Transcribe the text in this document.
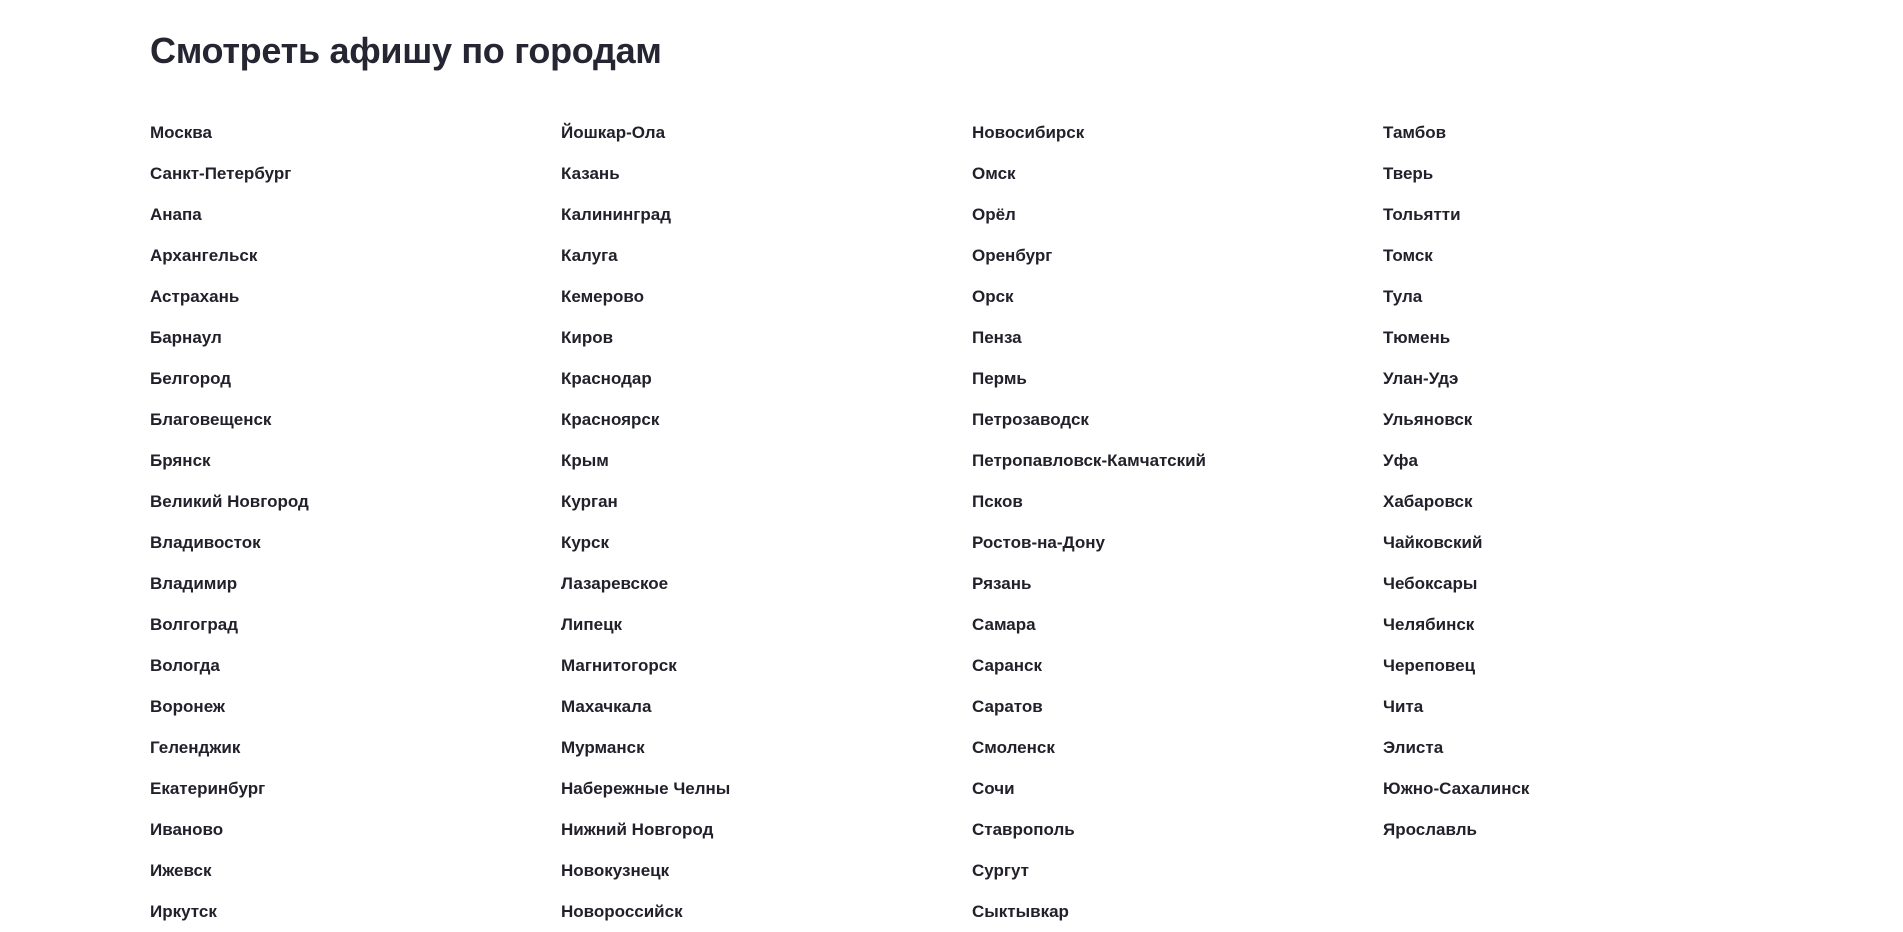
Смотреть афишу по городам
Москва
Санкт-Петербург
Анапа
Архангельск
Астрахань
Барнаул
Белгород
Благовещенск
Брянск
Великий Новгород
Владивосток
Владимир
Волгоград
Вологда
Воронеж
Геленджик
Екатеринбург
Иваново
Ижевск
Иркутск
Йошкар-Ола
Казань
Калининград
Калуга
Кемерово
Киров
Краснодар
Красноярск
Крым
Курган
Курск
Лазаревское
Липецк
Магнитогорск
Махачкала
Мурманск
Набережные Челны
Нижний Новгород
Новокузнецк
Новороссийск
Новосибирск
Омск
Орёл
Оренбург
Орск
Пенза
Пермь
Петрозаводск
Петропавловск-Камчатский
Псков
Ростов-на-Дону
Рязань
Самара
Саранск
Саратов
Смоленск
Сочи
Ставрополь
Сургут
Сыктывкар
Тамбов
Тверь
Тольятти
Томск
Тула
Тюмень
Улан-Удэ
Ульяновск
Уфа
Хабаровск
Чайковский
Чебоксары
Челябинск
Череповец
Чита
Элиста
Южно-Сахалинск
Ярославль
